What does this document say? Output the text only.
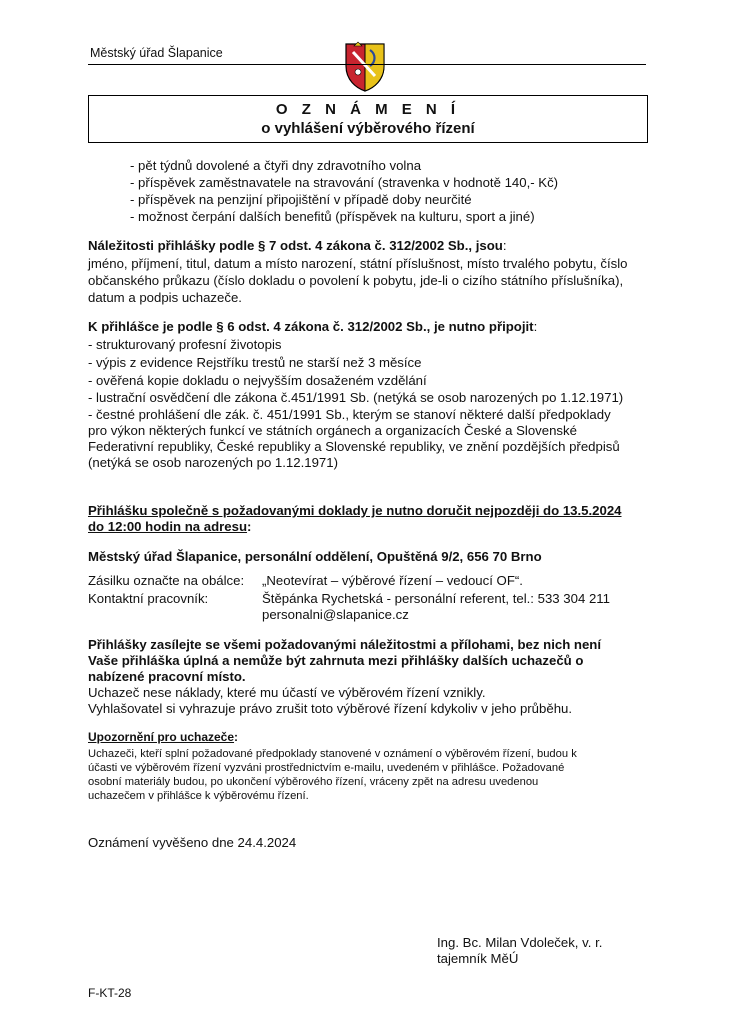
Městský úřad Šlapanice
O Z N Á M E N Í
o vyhlášení výběrového řízení
- pět týdnů dovolené a čtyři dny zdravotního volna
- příspěvek zaměstnavatele na stravování (stravenka v hodnotě 140,- Kč)
- příspěvek na penzijní připojištění v případě doby neurčité
- možnost čerpání dalších benefitů (příspěvek na kulturu, sport a jiné)
Náležitosti přihlášky podle § 7 odst. 4 zákona č. 312/2002 Sb., jsou:
jméno, příjmení, titul, datum a místo narození, státní příslušnost, místo trvalého pobytu, číslo
občanského průkazu (číslo dokladu o povolení k pobytu, jde-li o cizího státního příslušníka),
datum a podpis uchazeče.
K přihlášce je podle § 6 odst. 4 zákona č. 312/2002 Sb., je nutno připojit:
- strukturovaný profesní životopis
- výpis z evidence Rejstříku trestů ne starší než 3 měsíce
- ověřená kopie dokladu o nejvyšším dosaženém vzdělání
- lustrační osvědčení dle zákona č.451/1991 Sb. (netýká se osob narozených po 1.12.1971)
- čestné prohlášení dle zák. č. 451/1991 Sb., kterým se stanoví některé další předpoklady
pro výkon některých funkcí ve státních orgánech a organizacích České a Slovenské
Federativní republiky, České republiky a Slovenské republiky, ve znění pozdějších předpisů
(netýká se osob narozených po 1.12.1971)
Přihlášku společně s požadovanými doklady je nutno doručit nejpozději do 13.5.2024
do 12:00 hodin na adresu:
Městský úřad Šlapanice, personální oddělení, Opuštěná 9/2, 656 70 Brno
Zásilku označte na obálce: „Neotevírat – výběrové řízení – vedoucí OF“.
Kontaktní pracovník:	Štěpánka Rychetská - personální referent, tel.: 533 304 211
personalni@slapanice.cz
Přihlášky zasílejte se všemi požadovanými náležitostmi a přílohami, bez nich není
Vaše přihláška úplná a nemůže být zahrnuta mezi přihlášky dalších uchazečů o
nabízené pracovní místo.
Uchazeč nese náklady, které mu účastí ve výběrovém řízení vznikly.
Vyhlašovatel si vyhrazuje právo zrušit toto výběrové řízení kdykoliv v jeho průběhu.
Upozornění pro uchazeče:
Uchazeči, kteří splní požadované předpoklady stanovené v oznámení o výběrovém řízení, budou k
účasti ve výběrovém řízení vyzváni prostřednictvím e-mailu, uvedeném v přihlášce. Požadované
osobní materiály budou, po ukončení výběrového řízení, vráceny zpět na adresu uvedenou
uchazečem v přihlášce k výběrovému řízení.
Oznámení vyvěšeno dne 24.4.2024
Ing. Bc. Milan Vdoleček, v. r.
tajemník MěÚ
F-KT-28
